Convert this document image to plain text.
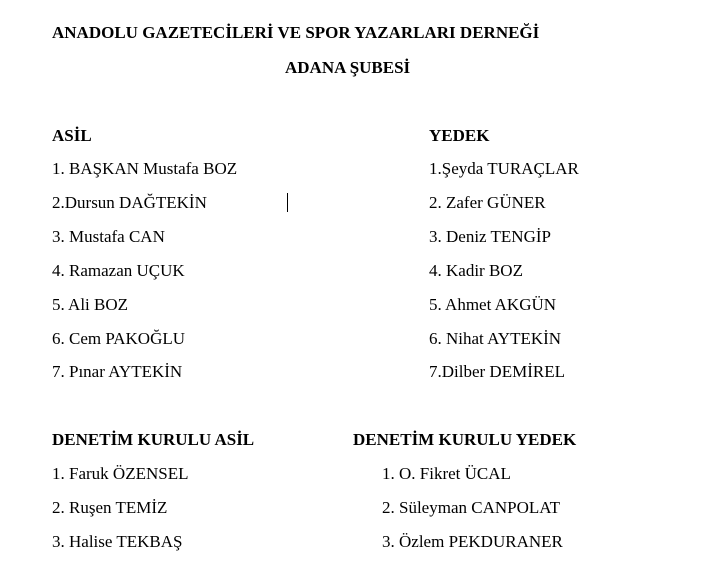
ANADOLU GAZETECİLERİ VE SPOR YAZARLARI DERNEĞİ

ADANA ŞUBESİ

ASİL

1. BAŞKAN Mustafa BOZ

2.Dursun DAĞTEKİN

3. Mustafa CAN

4. Ramazan UÇUK

5. Ali BOZ

6. Cem PAKOĞLU

7. Pınar AYTEKİN

YEDEK

1.Şeyda TURAÇLAR

2. Zafer GÜNER

3. Deniz TENGİP

4. Kadir BOZ

5. Ahmet AKGÜN

6. Nihat AYTEKİN

7.Dilber DEMİREL

DENETİM KURULU ASİL

1. Faruk ÖZENSEL

2. Ruşen TEMİZ

3. Halise TEKBAŞ

DENETİM KURULU YEDEK

1. O. Fikret ÜCAL

2. Süleyman CANPOLAT

3. Özlem PEKDURANER
